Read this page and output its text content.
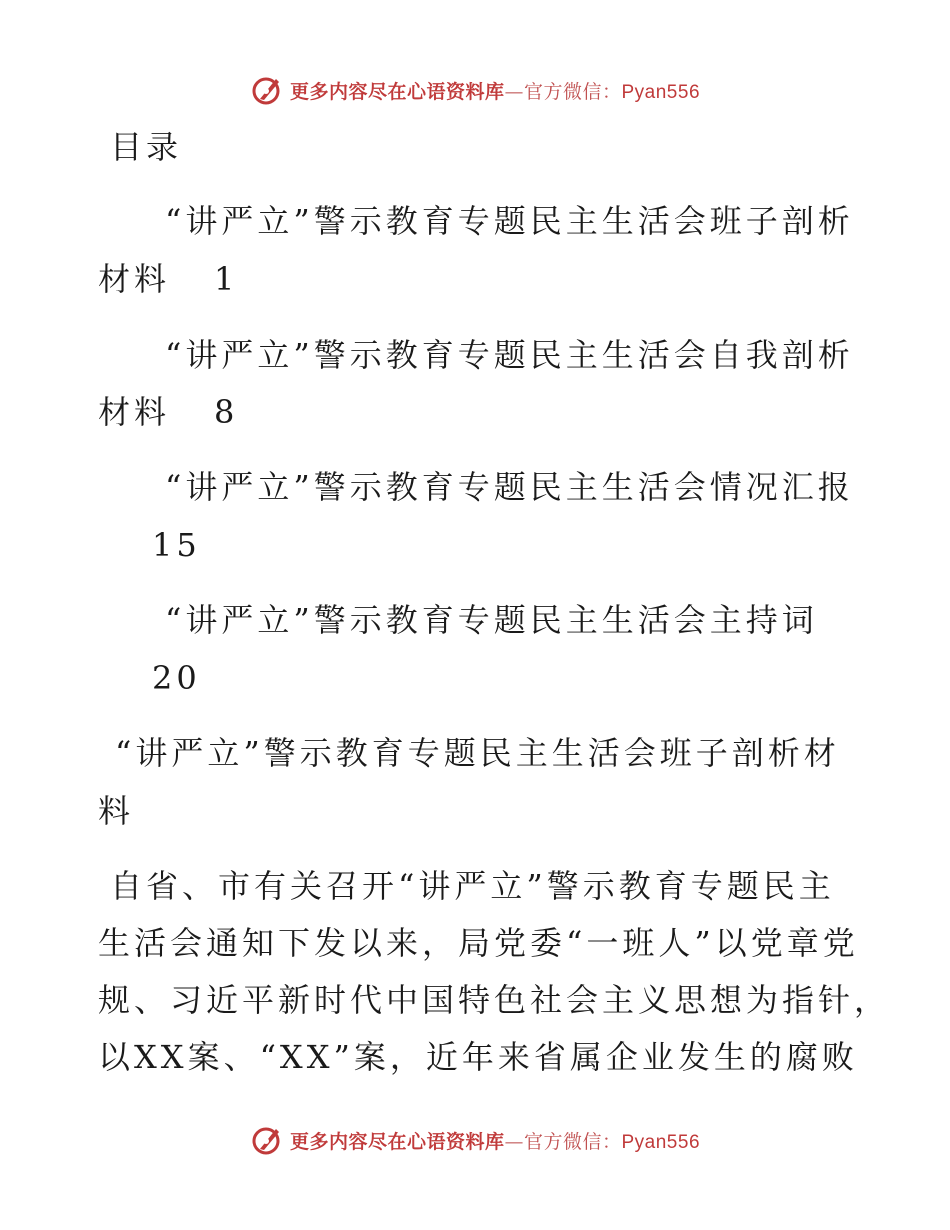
更多内容尽在心语资料库—官方微信：Pyan556

目录

“讲严立”警示教育专题民主生活会班子剖析

材料 1

“讲严立”警示教育专题民主生活会自我剖析

材料 8

“讲严立”警示教育专题民主生活会情况汇报

15

“讲严立”警示教育专题民主生活会主持词

20

“讲严立”警示教育专题民主生活会班子剖析材

料

自省、市有关召开“讲严立”警示教育专题民主

生活会通知下发以来，局党委“一班人”以党章党

规、习近平新时代中国特色社会主义思想为指针，

以XX案、“XX”案，近年来省属企业发生的腐败

更多内容尽在心语资料库—官方微信：Pyan556
